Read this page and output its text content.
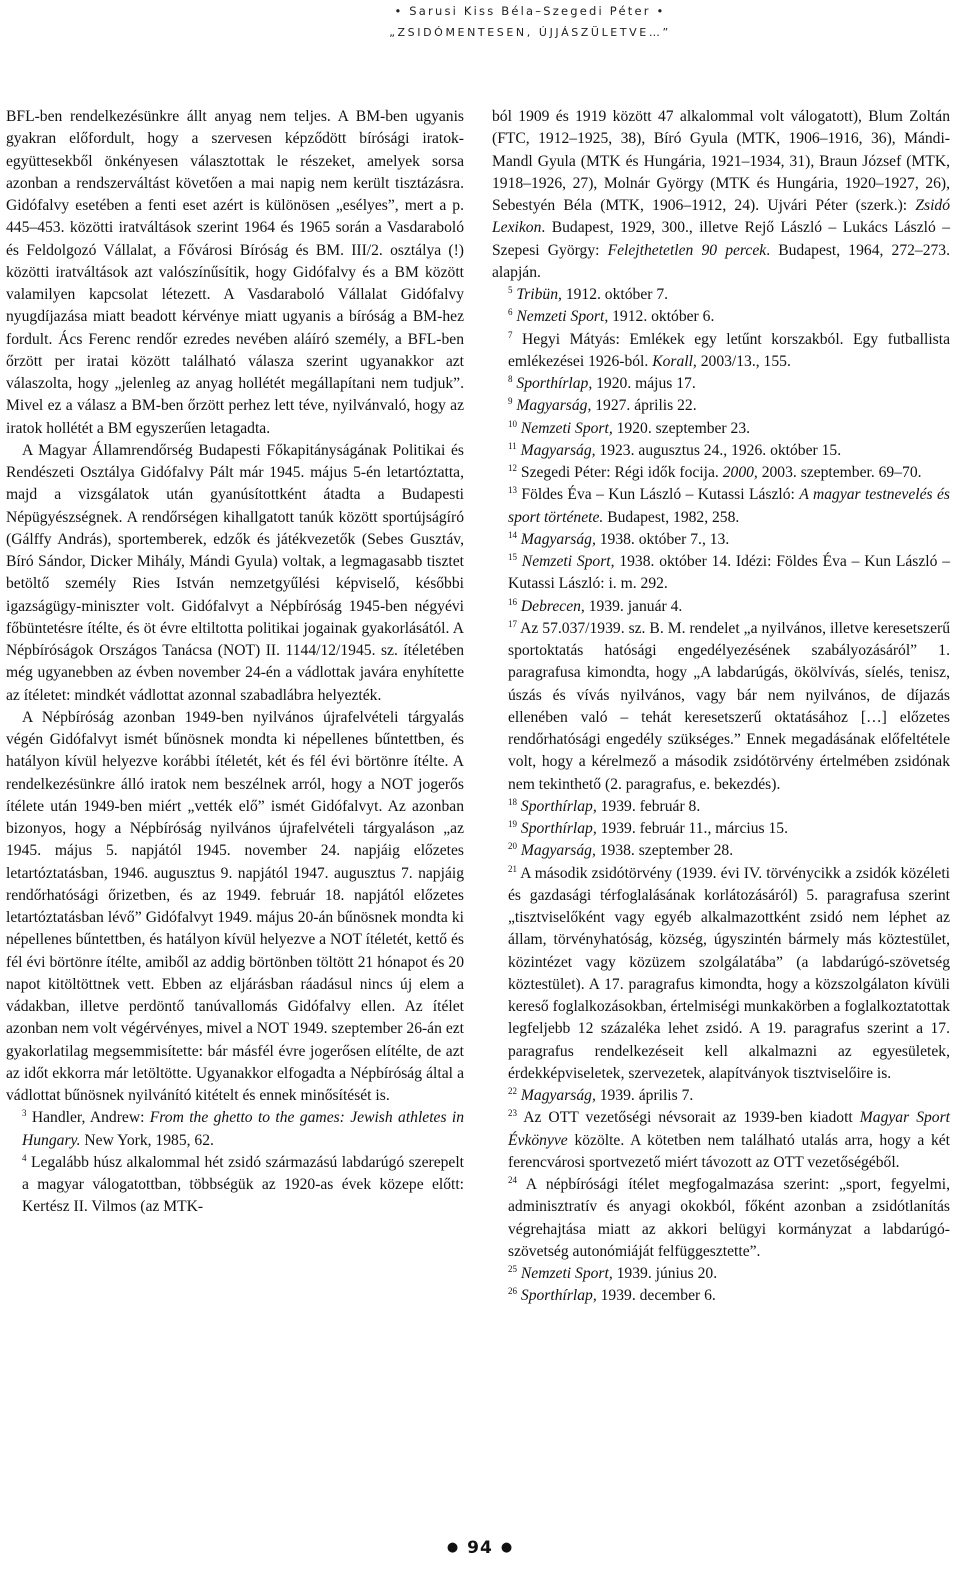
• Sarusi Kiss Béla–Szegedi Péter •
„ZSIDÓMENTESEN, ÚJJÁSZÜLETVE…”

BFL-ben rendelkezésünkre állt anyag nem teljes. A BM-ben ugyanis gyakran előfordult, hogy a szervesen képződött bírósági iratok-együttesekből önkényesen választottak le részeket, amelyek sorsa azonban a rendszerváltást követően a mai napig nem került tisztázásra. Gidófalvy esetében a fenti eset azért is különösen „esélyes”, mert a p. 445–453. közötti iratváltások szerint 1964 és 1965 során a Vasdaraboló és Feldolgozó Vállalat, a Fővárosi Bíróság és BM. III/2. osztálya (!) közötti iratváltások azt valószínűsítik, hogy Gidófalvy és a BM között valamilyen kapcsolat létezett. A Vasdaraboló Vállalat Gidófalvy nyugdíjazása miatt beadott kérvénye miatt ugyanis a bíróság a BM-hez fordult. Ács Ferenc rendőr ezredes nevében aláíró személy, a BFL-ben őrzött per iratai között található válasza szerint ugyanakkor azt válaszolta, hogy „jelenleg az anyag hollétét megállapítani nem tudjuk”. Mivel ez a válasz a BM-ben őrzött perhez lett téve, nyilvánvaló, hogy az iratok hollétét a BM egyszerűen letagadta.

A Magyar Államrendőrség Budapesti Főkapitányságának Politikai és Rendészeti Osztálya Gidófalvy Pált már 1945. május 5-én letartóztatta, majd a vizsgálatok után gyanúsítottként átadta a Budapesti Népügyészségnek. A rendőrségen kihallgatott tanúk között sportújságíró (Gálffy András), sportemberek, edzők és játékvezetők (Sebes Gusztáv, Bíró Sándor, Dicker Mihály, Mándi Gyula) voltak, a legmagasabb tisztet betöltő személy Ries István nemzetgyűlési képviselő, későbbi igazságügy-miniszter volt. Gidófalvyt a Népbíróság 1945-ben négyévi főbüntetésre ítélte, és öt évre eltiltotta politikai jogainak gyakorlásától. A Népbíróságok Országos Tanácsa (NOT) II. 1144/12/1945. sz. ítéletében még ugyanebben az évben november 24-én a vádlottak javára enyhítette az ítéletet: mindkét vádlottat azonnal szabadlábra helyezték.

A Népbíróság azonban 1949-ben nyilvános újrafelvételi tárgyalás végén Gidófalvyt ismét bűnösnek mondta ki népellenes bűntettben, és hatályon kívül helyezve korábbi ítéletét, két és fél évi börtönre ítélte. A rendelkezésünkre álló iratok nem beszélnek arról, hogy a NOT jogerős ítélete után 1949-ben miért „vették elő” ismét Gidófalvyt. Az azonban bizonyos, hogy a Népbíróság nyilvános újrafelvételi tárgyaláson „az 1945. május 5. napjától 1945. november 24. napjáig előzetes letartóztatásban, 1946. augusztus 9. napjától 1947. augusztus 7. napjáig rendőrhatósági őrizetben, és az 1949. február 18. napjától előzetes letartóztatásban lévő” Gidófalvyt 1949. május 20-án bűnösnek mondta ki népellenes bűntettben, és hatályon kívül helyezve a NOT ítéletét, kettő és fél évi börtönre ítélte, amiből az addig börtönben töltött 21 hónapot és 20 napot kitöltöttnek vett. Ebben az eljárásban ráadásul nincs új elem a vádakban, illetve perdöntő tanúvallomás Gidófalvy ellen. Az ítélet azonban nem volt végérvényes, mivel a NOT 1949. szeptember 26-án ezt gyakorlatilag megsemmisítette: bár másfél évre jogerősen elítélte, de azt az időt ekkorra már letöltötte. Ugyanakkor elfogadta a Népbíróság által a vádlottat bűnösnek nyilvánító kitételt és ennek minősítését is.

$^3$ Handler, Andrew: From the ghetto to the games: Jewish athletes in Hungary. New York, 1985, 62.

$^4$ Legalább húsz alkalommal hét zsidó származású labdarúgó szerepelt a magyar válogatottban, többségük az 1920-as évek közepe előtt: Kertész II. Vilmos (az MTK-

ból 1909 és 1919 között 47 alkalommal volt válogatott), Blum Zoltán (FTC, 1912–1925, 38), Bíró Gyula (MTK, 1906–1916, 36), Mándi-Mandl Gyula (MTK és Hungária, 1921–1934, 31), Braun József (MTK, 1918–1926, 27), Molnár György (MTK és Hungária, 1920–1927, 26), Sebestyén Béla (MTK, 1906–1912, 24). Ujvári Péter (szerk.): Zsidó Lexikon. Budapest, 1929, 300., illetve Rejő László – Lukács László – Szepesi György: Felejthetetlen 90 percek. Budapest, 1964, 272–273. alapján.

$^5$ Tribün, 1912. október 7.

$^6$ Nemzeti Sport, 1912. október 6.

$^7$ Hegyi Mátyás: Emlékek egy letűnt korszakból. Egy futballista emlékezései 1926-ból. Korall, 2003/13., 155.

$^8$ Sporthírlap, 1920. május 17.

$^9$ Magyarság, 1927. április 22.

$^{10}$ Nemzeti Sport, 1920. szeptember 23.

$^{11}$ Magyarság, 1923. augusztus 24., 1926. október 15.

$^{12}$ Szegedi Péter: Régi idők focija. 2000, 2003. szeptember. 69–70.

$^{13}$ Földes Éva – Kun László – Kutassi László: A magyar testnevelés és sport története. Budapest, 1982, 258.

$^{14}$ Magyarság, 1938. október 7., 13.

$^{15}$ Nemzeti Sport, 1938. október 14. Idézi: Földes Éva – Kun László – Kutassi László: i. m. 292.

$^{16}$ Debrecen, 1939. január 4.

$^{17}$ Az 57.037/1939. sz. B. M. rendelet „a nyilvános, illetve keresetszerű sportoktatás hatósági engedélyezésének szabályozásáról” 1. paragrafusa kimondta, hogy „A labdarúgás, ökölvívás, síelés, tenisz, úszás és vívás nyilvános, vagy bár nem nyilvános, de díjazás ellenében való – tehát keresetszerű oktatásához […] előzetes rendőrhatósági engedély szükséges.” Ennek megadásának előfeltétele volt, hogy a kérelmező a második zsidótörvény értelmében zsidónak nem tekinthető (2. paragrafus, e. bekezdés).

$^{18}$ Sporthírlap, 1939. február 8.

$^{19}$ Sporthírlap, 1939. február 11., március 15.

$^{20}$ Magyarság, 1938. szeptember 28.

$^{21}$ A második zsidótörvény (1939. évi IV. törvénycikk a zsidók közéleti és gazdasági térfoglalásának korlátozásáról) 5. paragrafusa szerint „tisztviselőként vagy egyéb alkalmazottként zsidó nem léphet az állam, törvényhatóság, község, úgyszintén bármely más köztestület, közintézet vagy közüzem szolgálatába” (a labdarúgó-szövetség köztestület). A 17. paragrafus kimondta, hogy a közszolgálaton kívüli kereső foglalkozásokban, értelmiségi munkakörben a foglalkoztatottak legfeljebb 12 százaléka lehet zsidó. A 19. paragrafus szerint a 17. paragrafus rendelkezéseit kell alkalmazni az egyesületek, érdekképviseletek, szervezetek, alapítványok tisztviselőire is.

$^{22}$ Magyarság, 1939. április 7.

$^{23}$ Az OTT vezetőségi névsorait az 1939-ben kiadott Magyar Sport Évkönyve közölte. A kötetben nem található utalás arra, hogy a két ferencvárosi sportvezető miért távozott az OTT vezetőségéből.

$^{24}$ A népbírósági ítélet megfogalmazása szerint: „sport, fegyelmi, adminisztratív és anyagi okokból, főként azonban a zsidótlanítás végrehajtása miatt az akkori belügyi kormányzat a labdarúgó-szövetség autonómiáját felfüggesztette”.

$^{25}$ Nemzeti Sport, 1939. június 20.

$^{26}$ Sporthírlap, 1939. december 6.

● 94 ●
